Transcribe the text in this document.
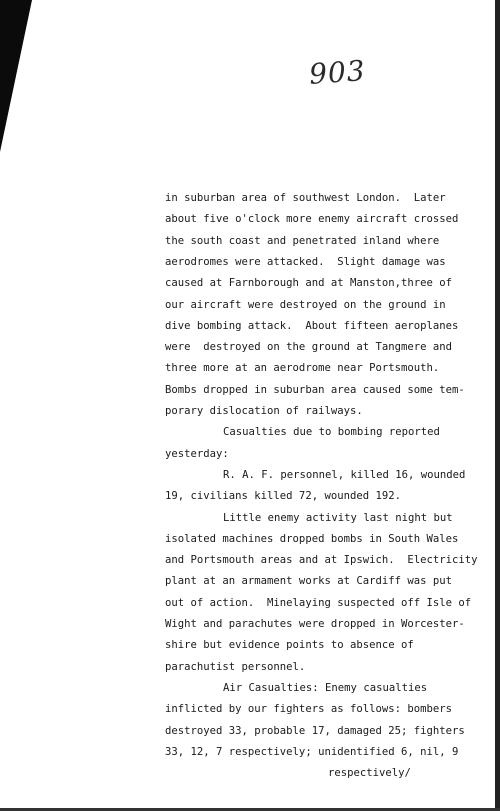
903
in suburban area of southwest London.  Later
about five o'clock more enemy aircraft crossed
the south coast and penetrated inland where
aerodromes were attacked.  Slight damage was
caused at Farnborough and at Manston,three of
our aircraft were destroyed on the ground in
dive bombing attack.  About fifteen aeroplanes
were  destroyed on the ground at Tangmere and
three more at an aerodrome near Portsmouth.
Bombs dropped in suburban area caused some tem-
porary dislocation of railways.
Casualties due to bombing reported
yesterday:
R. A. F. personnel, killed 16, wounded
19, civilians killed 72, wounded 192.
Little enemy activity last night but
isolated machines dropped bombs in South Wales
and Portsmouth areas and at Ipswich.  Electricity
plant at an armament works at Cardiff was put
out of action.  Minelaying suspected off Isle of
Wight and parachutes were dropped in Worcester-
shire but evidence points to absence of
parachutist personnel.
Air Casualties: Enemy casualties
inflicted by our fighters as follows: bombers
destroyed 33, probable 17, damaged 25; fighters
33, 12, 7 respectively; unidentified 6, nil, 9
respectively/
